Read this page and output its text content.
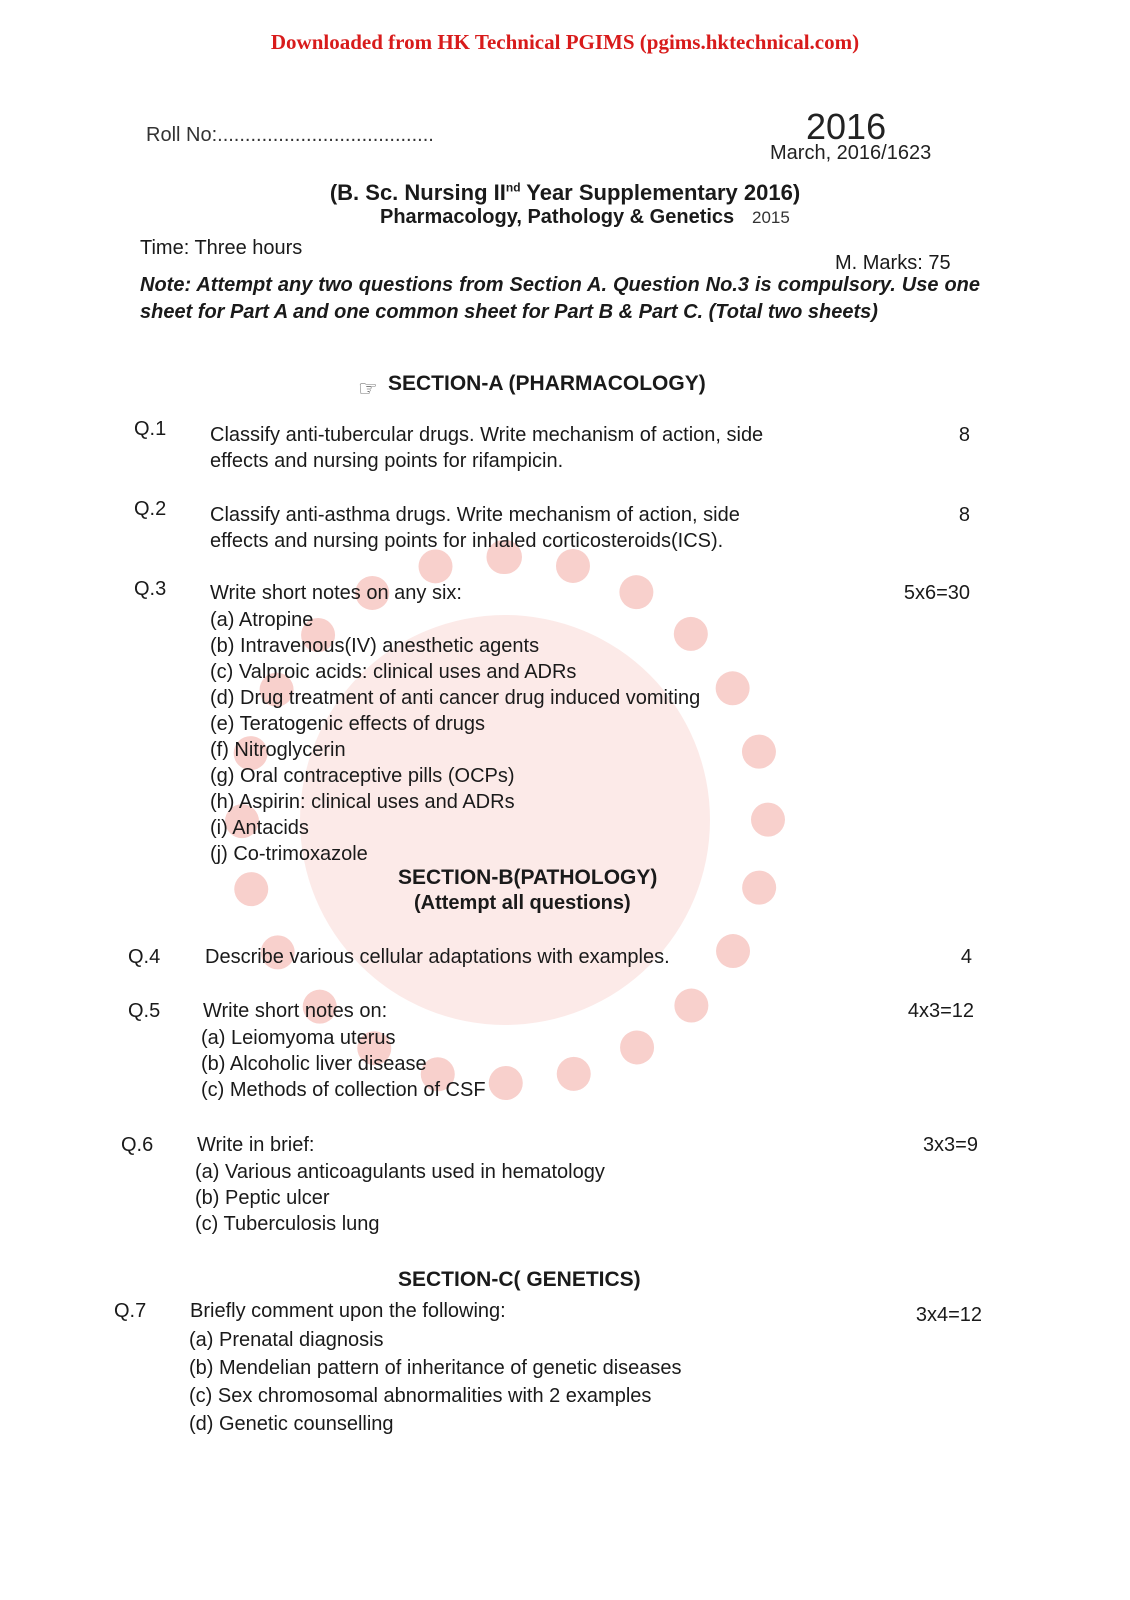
Downloaded from HK Technical PGIMS (pgims.hktechnical.com)
Roll No:.......................................	2016
March, 2016/1623
(B. Sc. Nursing IInd Year Supplementary 2016)
Pharmacology, Pathology & Genetics 2015
Time: Three hours
M. Marks: 75
Note: Attempt any two questions from Section A. Question No.3 is compulsory. Use one sheet for Part A and one common sheet for Part B & Part C. (Total two sheets)
☞ SECTION-A (PHARMACOLOGY)
Q.1 Classify anti-tubercular drugs. Write mechanism of action, side
effects and nursing points for rifampicin.
8
Q.2 Classify anti-asthma drugs. Write mechanism of action, side
effects and nursing points for inhaled corticosteroids(ICS).
8
Q.3 Write short notes on any six:	5x6=30
(a) Atropine
(b) Intravenous(IV) anesthetic agents
(c) Valproic acids: clinical uses and ADRs
(d) Drug treatment of anti cancer drug induced vomiting
(e) Teratogenic effects of drugs
(f) Nitroglycerin
(g) Oral contraceptive pills (OCPs)
(h) Aspirin: clinical uses and ADRs
(i) Antacids
(j) Co-trimoxazole
SECTION-B(PATHOLOGY)
(Attempt all questions)
Q.4 Describe various cellular adaptations with examples.	4
Q.5 Write short notes on:	4x3=12
(a) Leiomyoma uterus
(b) Alcoholic liver disease
(c) Methods of collection of CSF
Q.6 Write in brief:	3x3=9
(a) Various anticoagulants used in hematology
(b) Peptic ulcer
(c) Tuberculosis lung
SECTION-C( GENETICS)
Q.7 Briefly comment upon the following:	3x4=12
(a) Prenatal diagnosis
(b) Mendelian pattern of inheritance of genetic diseases
(c) Sex chromosomal abnormalities with 2 examples
(d) Genetic counselling
